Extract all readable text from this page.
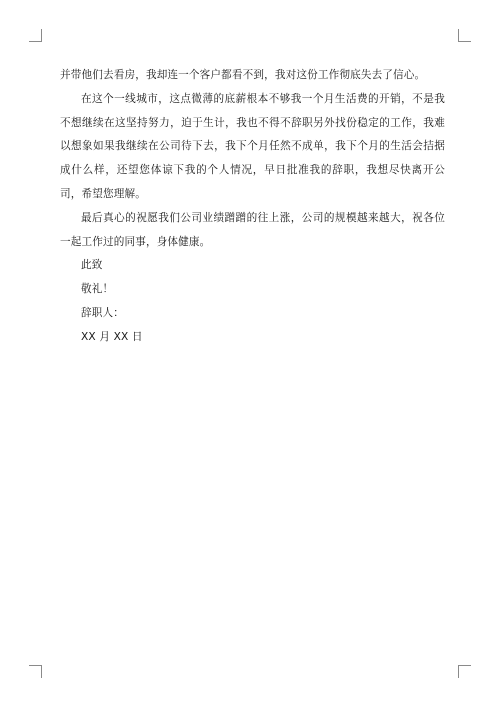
并带他们去看房，我却连一个客户都看不到，我对这份工作彻底失去了信心。

在这个一线城市，这点微薄的底薪根本不够我一个月生活费的开销，不是我不想继续在这坚持努力，迫于生计，我也不得不辞职另外找份稳定的工作，我难以想象如果我继续在公司待下去，我下个月任然不成单，我下个月的生活会拮据成什么样，还望您体谅下我的个人情况，早日批准我的辞职，我想尽快离开公司，希望您理解。

最后真心的祝愿我们公司业绩蹭蹭的往上涨，公司的规模越来越大，祝各位一起工作过的同事，身体健康。

此致

敬礼！

辞职人：

XX 月 XX 日
